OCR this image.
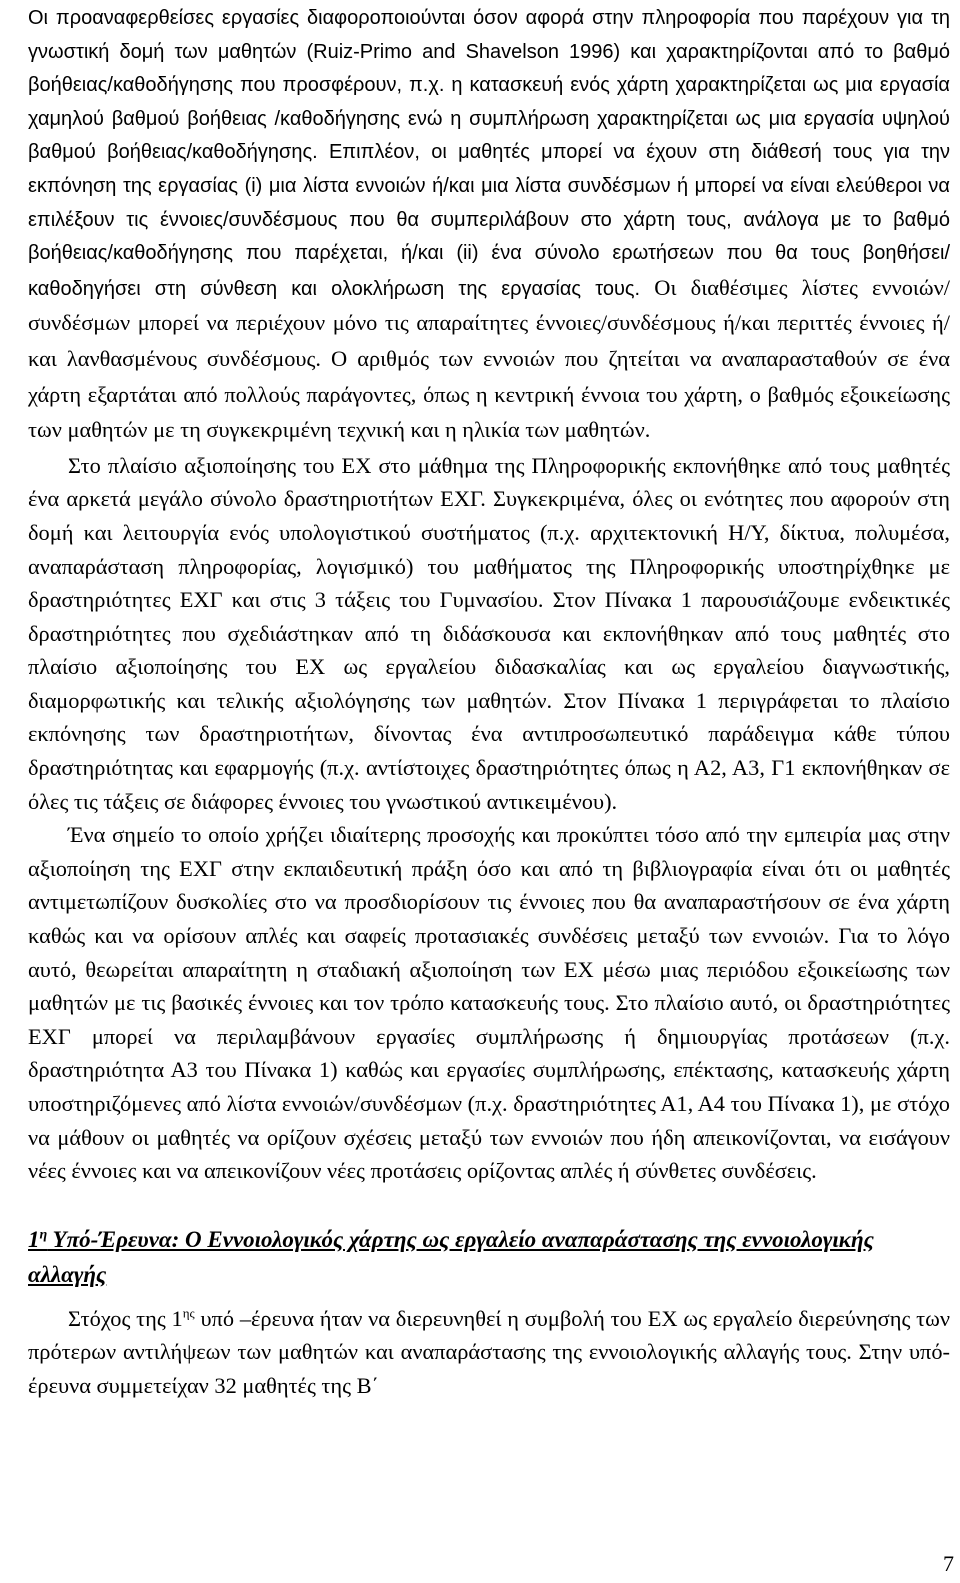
Οι προαναφερθείσες εργασίες διαφοροποιούνται όσον αφορά στην πληροφορία που παρέχουν για τη γνωστική δομή των μαθητών (Ruiz-Primo and Shavelson 1996) και χαρακτηρίζονται από το βαθμό βοήθειας/καθοδήγησης που προσφέρουν, π.χ. η κατασκευή ενός χάρτη χαρακτηρίζεται ως μια εργασία χαμηλού βαθμού βοήθειας /καθοδήγησης ενώ η συμπλήρωση χαρακτηρίζεται ως μια εργασία υψηλού βαθμού βοήθειας/καθοδήγησης. Επιπλέον, οι μαθητές μπορεί να έχουν στη διάθεσή τους για την εκπόνηση της εργασίας (i) μια λίστα εννοιών ή/και μια λίστα συνδέσμων ή μπορεί να είναι ελεύθεροι να επιλέξουν τις έννοιες/συνδέσμους που θα συμπεριλάβουν στο χάρτη τους, ανάλογα με το βαθμό βοήθειας/καθοδήγησης που παρέχεται, ή/και (ii) ένα σύνολο ερωτήσεων που θα τους βοηθήσει/καθοδηγήσει στη σύνθεση και ολοκλήρωση της εργασίας τους. Οι διαθέσιμες λίστες εννοιών/συνδέσμων μπορεί να περιέχουν μόνο τις απαραίτητες έννοιες/συνδέσμους ή/και περιττές έννοιες ή/και λανθασμένους συνδέσμους. Ο αριθμός των εννοιών που ζητείται να αναπαρασταθούν σε ένα χάρτη εξαρτάται από πολλούς παράγοντες, όπως η κεντρική έννοια του χάρτη, ο βαθμός εξοικείωσης των μαθητών με τη συγκεκριμένη τεχνική και η ηλικία των μαθητών.

Στο πλαίσιο αξιοποίησης του ΕΧ στο μάθημα της Πληροφορικής εκπονήθηκε από τους μαθητές ένα αρκετά μεγάλο σύνολο δραστηριοτήτων ΕΧΓ. Συγκεκριμένα, όλες οι ενότητες που αφορούν στη δομή και λειτουργία ενός υπολογιστικού συστήματος (π.χ. αρχιτεκτονική Η/Υ, δίκτυα, πολυμέσα, αναπαράσταση πληροφορίας, λογισμικό) του μαθήματος της Πληροφορικής υποστηρίχθηκε με δραστηριότητες ΕΧΓ και στις 3 τάξεις του Γυμνασίου. Στον Πίνακα 1 παρουσιάζουμε ενδεικτικές δραστηριότητες που σχεδιάστηκαν από τη διδάσκουσα και εκπονήθηκαν από τους μαθητές στο πλαίσιο αξιοποίησης του ΕΧ ως εργαλείου διδασκαλίας και ως εργαλείου διαγνωστικής, διαμορφωτικής και τελικής αξιολόγησης των μαθητών. Στον Πίνακα 1 περιγράφεται το πλαίσιο εκπόνησης των δραστηριοτήτων, δίνοντας ένα αντιπροσωπευτικό παράδειγμα κάθε τύπου δραστηριότητας και εφαρμογής (π.χ. αντίστοιχες δραστηριότητες όπως η Α2, Α3, Γ1 εκπονήθηκαν σε όλες τις τάξεις σε διάφορες έννοιες του γνωστικού αντικειμένου).

Ένα σημείο το οποίο χρήζει ιδιαίτερης προσοχής και προκύπτει τόσο από την εμπειρία μας στην αξιοποίηση της ΕΧΓ στην εκπαιδευτική πράξη όσο και από τη βιβλιογραφία είναι ότι οι μαθητές αντιμετωπίζουν δυσκολίες στο να προσδιορίσουν τις έννοιες που θα αναπαραστήσουν σε ένα χάρτη καθώς και να ορίσουν απλές και σαφείς προτασιακές συνδέσεις μεταξύ των εννοιών. Για το λόγο αυτό, θεωρείται απαραίτητη η σταδιακή αξιοποίηση των ΕΧ μέσω μιας περιόδου εξοικείωσης των μαθητών με τις βασικές έννοιες και τον τρόπο κατασκευής τους. Στο πλαίσιο αυτό, οι δραστηριότητες ΕΧΓ μπορεί να περιλαμβάνουν εργασίες συμπλήρωσης ή δημιουργίας προτάσεων (π.χ. δραστηριότητα Α3 του Πίνακα 1) καθώς και εργασίες συμπλήρωσης, επέκτασης, κατασκευής χάρτη υποστηριζόμενες από λίστα εννοιών/συνδέσμων (π.χ. δραστηριότητες Α1, Α4 του Πίνακα 1), με στόχο να μάθουν οι μαθητές να ορίζουν σχέσεις μεταξύ των εννοιών που ήδη απεικονίζονται, να εισάγουν νέες έννοιες και να απεικονίζουν νέες προτάσεις ορίζοντας απλές ή σύνθετες συνδέσεις.

$1^\eta$ Υπό-Έρευνα: Ο Εννοιολογικός χάρτης ως εργαλείο αναπαράστασης της εννοιολογικής αλλαγής

Στόχος της $1^{\eta\varsigma}$ υπό –έρευνα ήταν να διερευνηθεί η συμβολή του ΕΧ ως εργαλείο διερεύνησης των πρότερων αντιλήψεων των μαθητών και αναπαράστασης της εννοιολογικής αλλαγής τους. Στην υπό-έρευνα συμμετείχαν 32 μαθητές της Β΄

7
